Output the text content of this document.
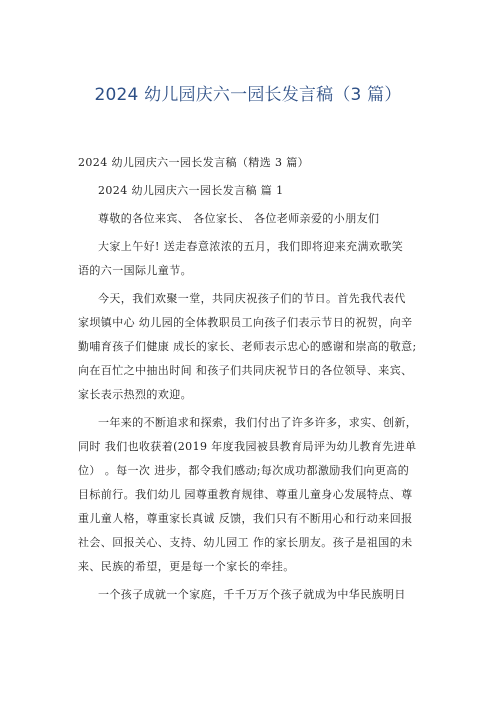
2024 幼儿园庆六一园长发言稿（3 篇）
2024 幼儿园庆六一园长发言稿（精选 3 篇）
2024 幼儿园庆六一园长发言稿 篇 1
尊敬的各位来宾、 各位家长、 各位老师亲爱的小朋友们
大家上午好! 送走春意浓浓的五月，我们即将迎来充满欢歌笑
语的六一国际儿童节。
今天，我们欢聚一堂，共同庆祝孩子们的节日。首先我代表代
家坝镇中心 幼儿园的全体教职员工向孩子们表示节日的祝贺，向辛
勤哺育孩子们健康 成长的家长、老师表示忠心的感谢和崇高的敬意;
向在百忙之中抽出时间 和孩子们共同庆祝节日的各位领导、来宾、
家长表示热烈的欢迎。
一年来的不断追求和探索，我们付出了许多许多，求实、创新，
同时 我们也收获着(2019 年度我园被县教育局评为幼儿教育先进单
位） 。每一次 进步，都令我们感动;每次成功都激励我们向更高的
目标前行。我们幼儿 园尊重教育规律、尊重儿童身心发展特点、尊
重儿童人格，尊重家长真诚 反馈，我们只有不断用心和行动来回报
社会、回报关心、支持、幼儿园工 作的家长朋友。孩子是祖国的未
来、民族的希望，更是每一个家长的牵挂。
一个孩子成就一个家庭，千千万万个孩子就成为中华民族明日
